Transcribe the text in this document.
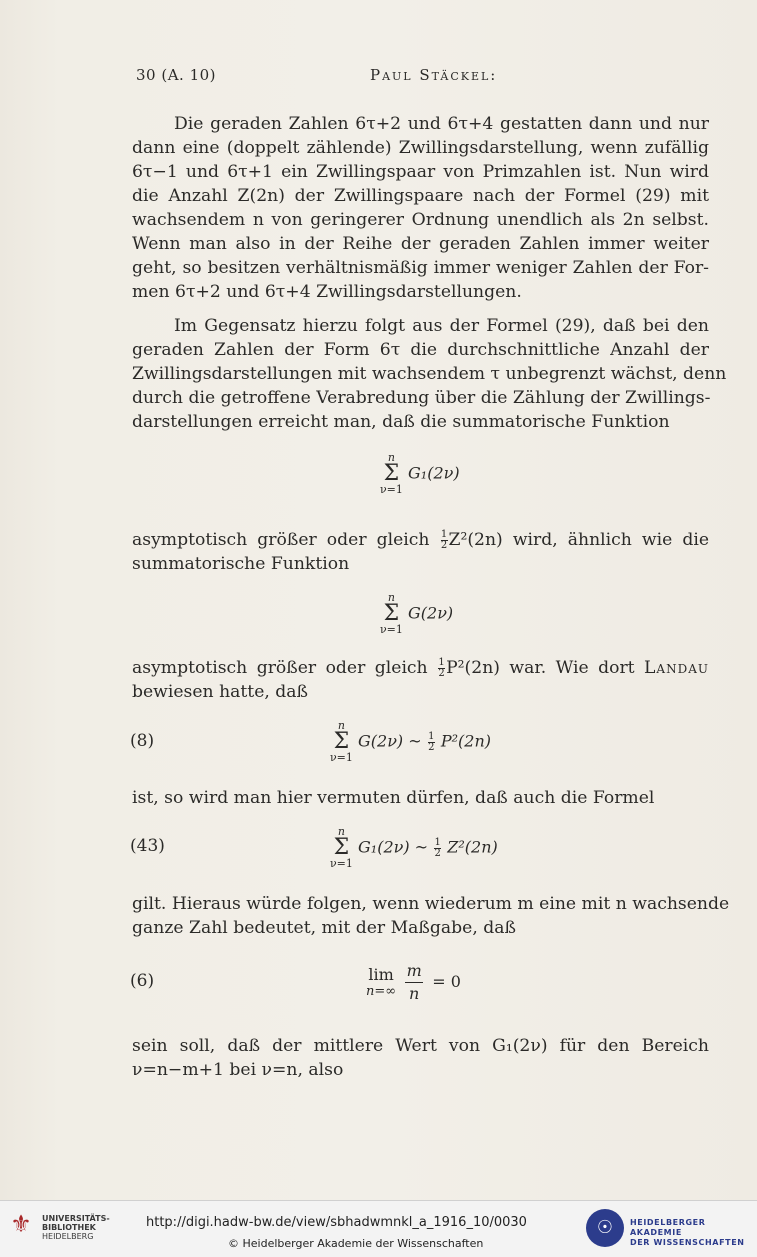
30 (A. 10)	Paul Stäckel:
Die geraden Zahlen 6τ+2 und 6τ+4 gestatten dann und nur
dann eine (doppelt zählende) Zwillingsdarstellung, wenn zufällig
6τ−1 und 6τ+1 ein Zwillingspaar von Primzahlen ist. Nun wird
die Anzahl Z(2n) der Zwillingspaare nach der Formel (29) mit
wachsendem n von geringerer Ordnung unendlich als 2n selbst.
Wenn man also in der Reihe der geraden Zahlen immer weiter
geht, so besitzen verhältnismäßig immer weniger Zahlen der For-
men 6τ+2 und 6τ+4 Zwillingsdarstellungen.
Im Gegensatz hierzu folgt aus der Formel (29), daß bei den
geraden Zahlen der Form 6τ die durchschnittliche Anzahl der
Zwillingsdarstellungen mit wachsendem τ unbegrenzt wächst, denn
durch die getroffene Verabredung über die Zählung der Zwillings-
darstellungen erreicht man, daß die summatorische Funktion
n
Σ
ν=1
G₁(2ν)
asymptotisch größer oder gleich $\frac{1}{2} Z^2(2n)$ wird, ähnlich wie die
summatorische Funktion
n
Σ
ν=1
G(2ν)
asymptotisch größer oder gleich $\frac{1}{2} P^2(2n)$ war. Wie dort Landau
bewiesen hatte, daß
(8)
n
Σ
ν=1
G(2ν) ~ $\frac{1}{2} P^2(2n)$
ist, so wird man hier vermuten dürfen, daß auch die Formel
(43)
n
Σ
ν=1
G₁(2ν) ~ $\frac{1}{2} Z^2(2n)$
gilt. Hieraus würde folgen, wenn wiederum m eine mit n wachsende
ganze Zahl bedeutet, mit der Maßgabe, daß
(6)	lim
n=∞
$\frac{m}{n} = 0$
sein soll, daß der mittlere Wert von G₁(2ν) für den Bereich
ν=n−m+1 bei ν=n, also
⚜ UNIVERSITÄTS-
BIBLIOTHEK
HEIDELBERG
http://digi.hadw-bw.de/view/sbhadwmnkl_a_1916_10/0030
© Heidelberger Akademie der Wissenschaften
☉	HEIDELBERGER AKADEMIE
DER WISSENSCHAFTEN
